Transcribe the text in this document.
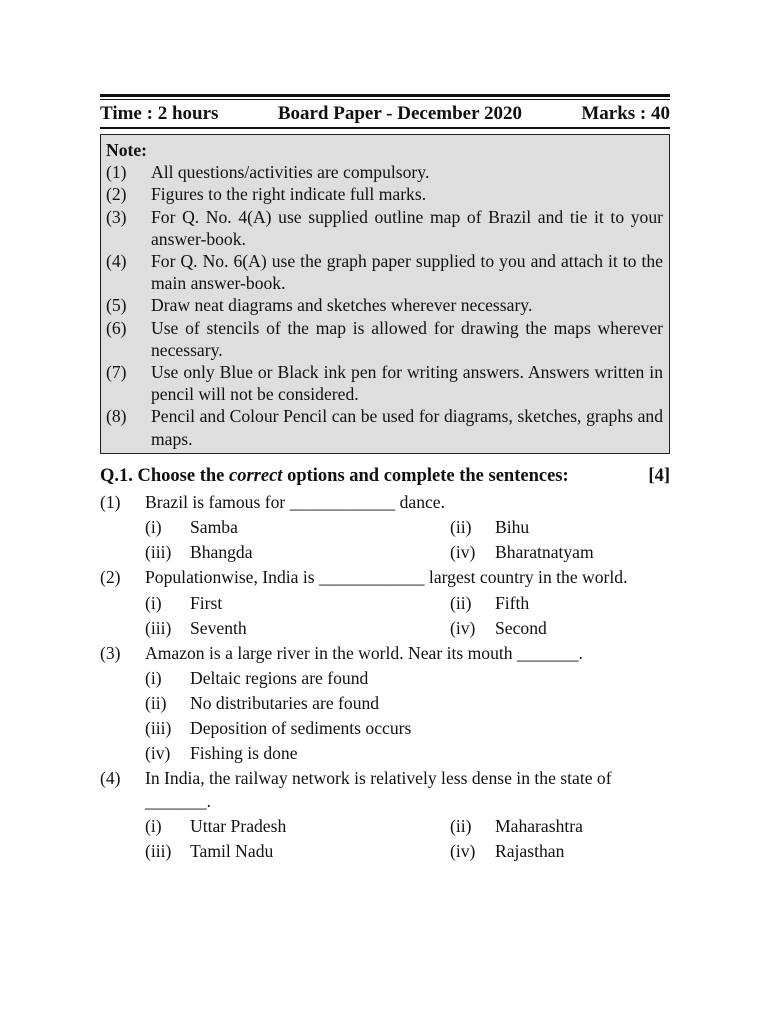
Time : 2 hours	Board Paper - December 2020	Marks : 40
Note:
(1)	All questions/activities are compulsory.
(2)	Figures to the right indicate full marks.
(3)	For Q. No. 4(A) use supplied outline map of Brazil and tie it to your answer-book.
(4)	For Q. No. 6(A) use the graph paper supplied to you and attach it to the main answer-book.
(5)	Draw neat diagrams and sketches wherever necessary.
(6)	Use of stencils of the map is allowed for drawing the maps wherever necessary.
(7)	Use only Blue or Black ink pen for writing answers. Answers written in pencil will not be considered.
(8)	Pencil and Colour Pencil can be used for diagrams, sketches, graphs and maps.
Q.1. Choose the correct options and complete the sentences:	[4]
(1)	Brazil is famous for ____________ dance.
(i)	Samba	(ii)	Bihu
(iii)	Bhangda	(iv)	Bharatnatyam
(2)	Populationwise, India is ____________ largest country in the world.
(i)	First	(ii)	Fifth
(iii)	Seventh	(iv)	Second
(3)	Amazon is a large river in the world. Near its mouth _______.
(i)	Deltaic regions are found
(ii)	No distributaries are found
(iii)	Deposition of sediments occurs
(iv)	Fishing is done
(4)	In India, the railway network is relatively less dense in the state of _______.
(i)	Uttar Pradesh	(ii)	Maharashtra
(iii)	Tamil Nadu	(iv)	Rajasthan
